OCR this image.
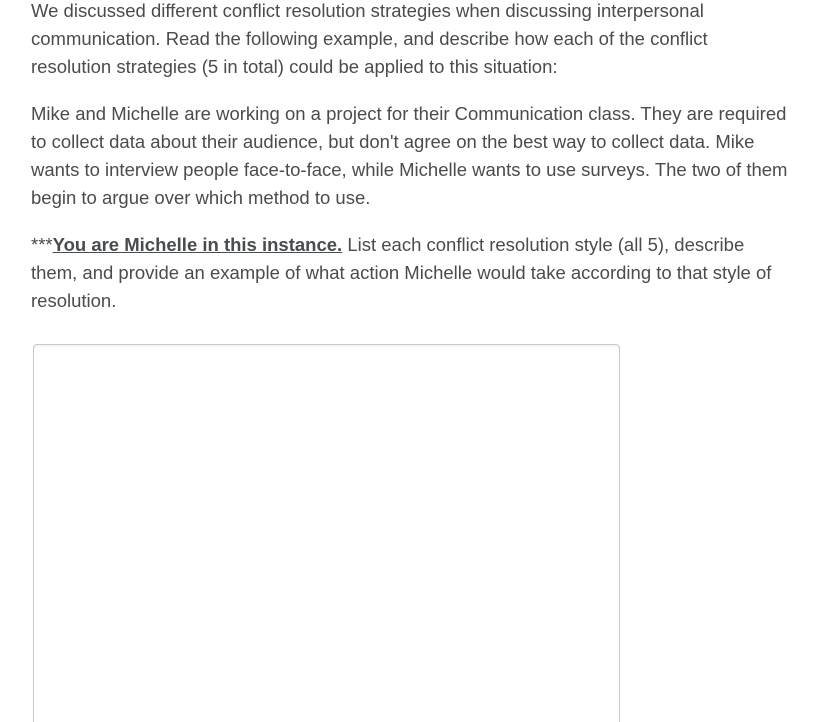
We discussed different conflict resolution strategies when discussing interpersonal communication. Read the following example, and describe how each of the conflict resolution strategies (5 in total) could be applied to this situation:

Mike and Michelle are working on a project for their Communication class. They are required to collect data about their audience, but don't agree on the best way to collect data. Mike wants to interview people face-to-face, while Michelle wants to use surveys. The two of them begin to argue over which method to use.

***You are Michelle in this instance. List each conflict resolution style (all 5), describe them, and provide an example of what action Michelle would take according to that style of resolution.
